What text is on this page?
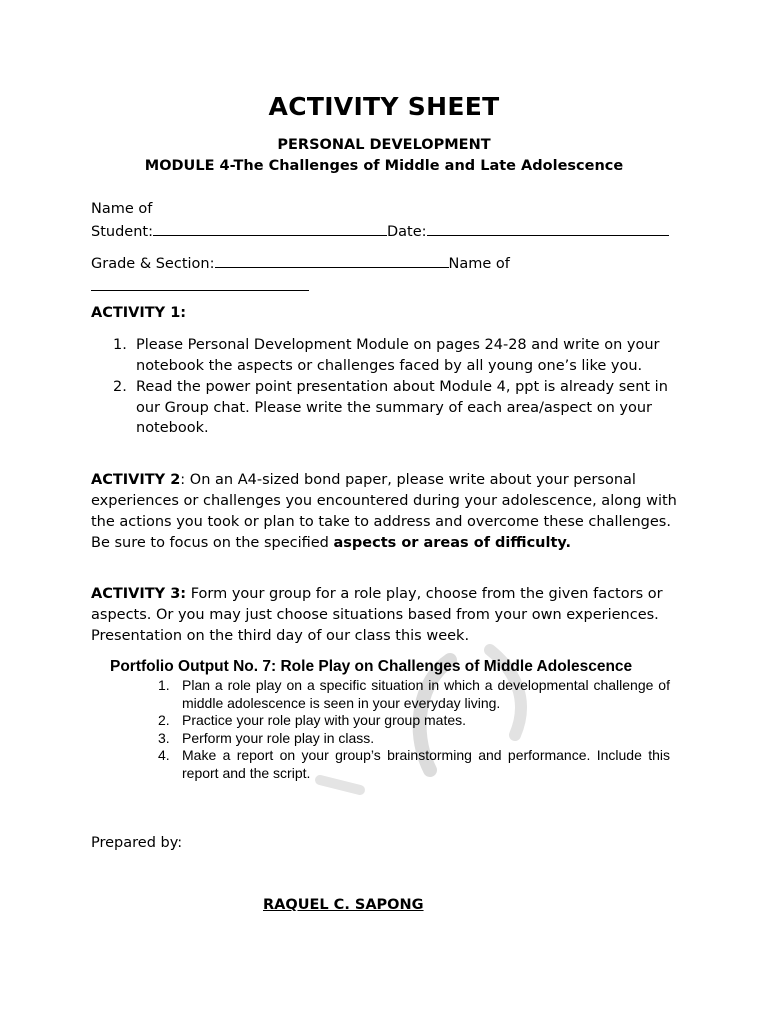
ACTIVITY SHEET
PERSONAL DEVELOPMENT
MODULE 4-The Challenges of Middle and Late Adolescence
Name of
Student:	Date:
Grade & Section:	Name of
ACTIVITY 1:
1. Please Personal Development Module on pages 24-28 and write on your notebook the aspects or challenges faced by all young one’s like you.
2. Read the power point presentation about Module 4, ppt is already sent in our Group chat. Please write the summary of each area/aspect on your notebook.
ACTIVITY 2: On an A4-sized bond paper, please write about your personal experiences or challenges you encountered during your adolescence, along with the actions you took or plan to take to address and overcome these challenges. Be sure to focus on the specified aspects or areas of difficulty.
ACTIVITY 3: Form your group for a role play, choose from the given factors or aspects. Or you may just choose situations based from your own experiences. Presentation on the third day of our class this week.
Portfolio Output No. 7: Role Play on Challenges of Middle Adolescence
1. Plan a role play on a specific situation in which a developmental challenge of middle adolescence is seen in your everyday living.
2. Practice your role play with your group mates.
3. Perform your role play in class.
4. Make a report on your group’s brainstorming and performance. Include this report and the script.
Prepared by:
RAQUEL C. SAPONG
